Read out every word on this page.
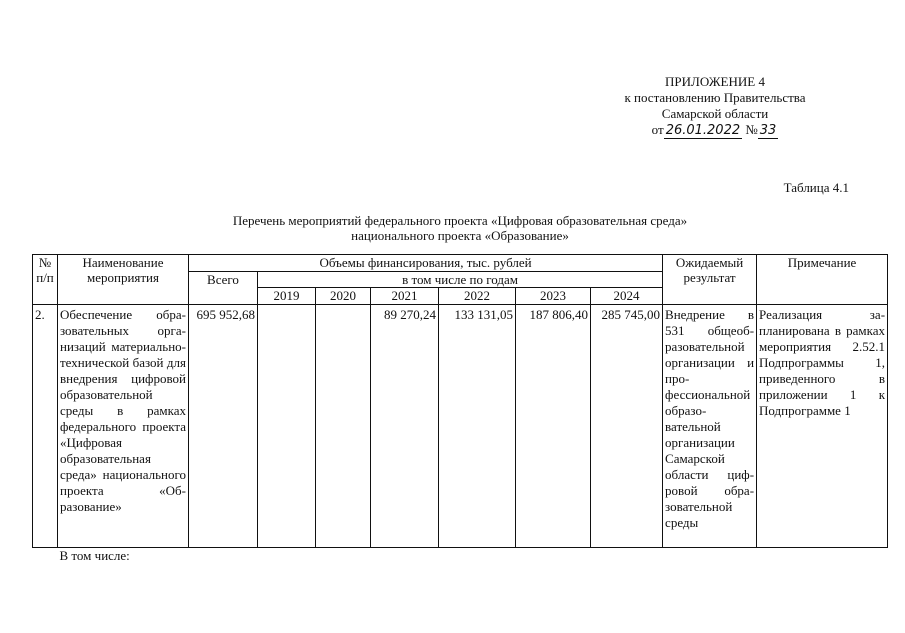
ПРИЛОЖЕНИЕ 4
к постановлению Правительства
Самарской области
от 26.01.2022 № 33
Таблица 4.1
Перечень мероприятий федерального проекта «Цифровая образовательная среда»
национального проекта «Образование»
№ п/п	Наименование мероприятия	Объемы финансирования, тыс. рублей							Ожидаемый результат	Примечание
		Всего	в том числе по годам							
			2019	2020	2021	2022	2023	2024		
2.	Обеспечение образовательных организаций материально-технической базой для внедрения цифровой образовательной среды в рамках федерального проекта «Цифровая образовательная среда» национального проекта «Образование»	695 952,68			89 270,24	133 131,05	187 806,40	285 745,00	Внедрение в 531 общеобразовательной организации и профессиональной образовательной организации Самарской области цифровой образовательной среды	Реализация запланирована в рамках мероприятия 2.52.1 Подпрограммы 1, приведенного в приложении 1 к Подпрограмме 1
	В том числе:									
